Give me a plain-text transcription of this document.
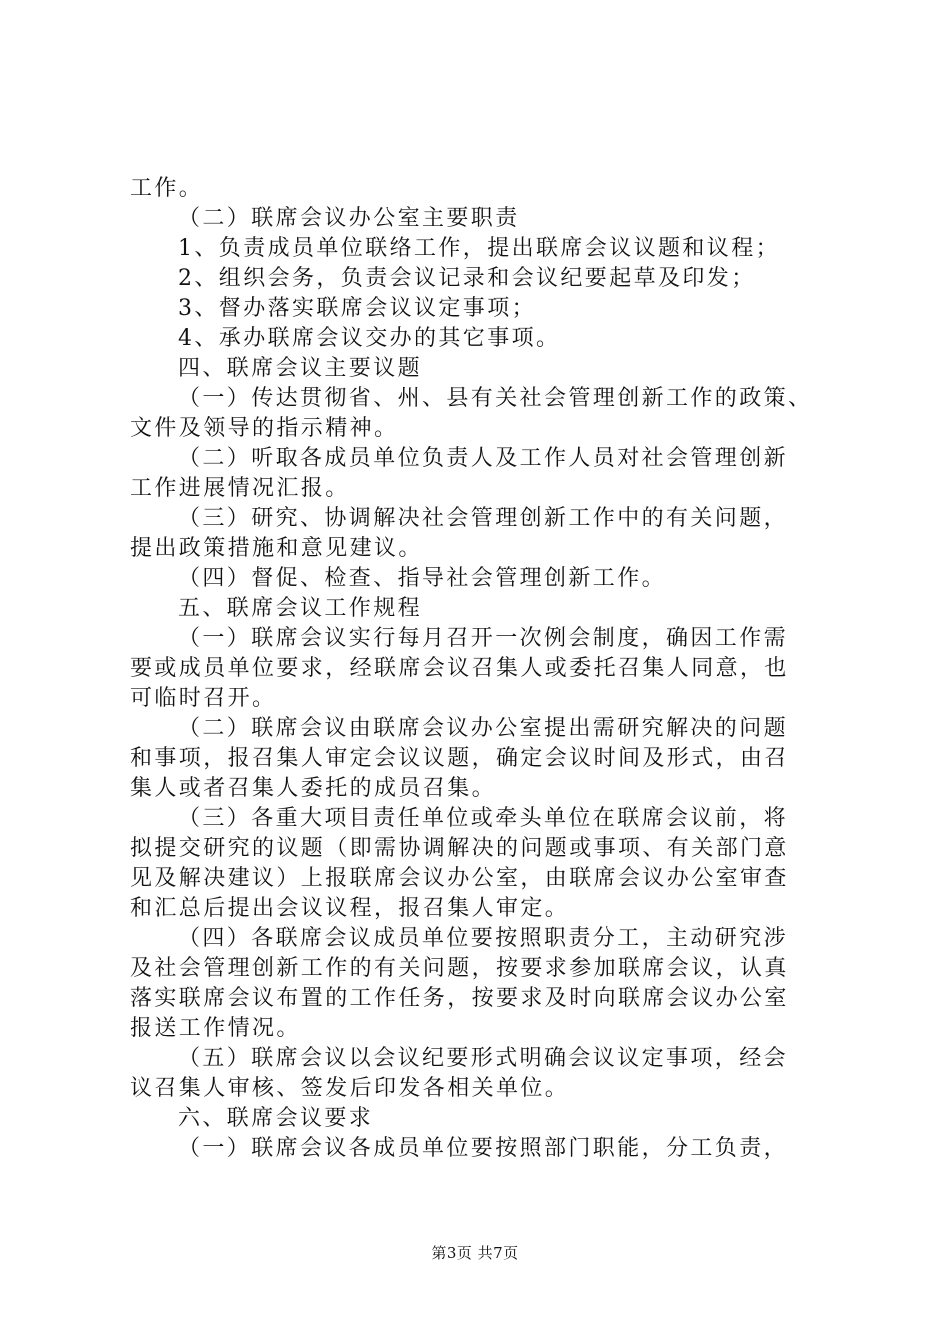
工作。
（二）联席会议办公室主要职责
1、负责成员单位联络工作，提出联席会议议题和议程；
2、组织会务，负责会议记录和会议纪要起草及印发；
3、督办落实联席会议议定事项；
4、承办联席会议交办的其它事项。
四、联席会议主要议题
（一）传达贯彻省、州、县有关社会管理创新工作的政策、
文件及领导的指示精神。
（二）听取各成员单位负责人及工作人员对社会管理创新
工作进展情况汇报。
（三）研究、协调解决社会管理创新工作中的有关问题，
提出政策措施和意见建议。
（四）督促、检查、指导社会管理创新工作。
五、联席会议工作规程
（一）联席会议实行每月召开一次例会制度，确因工作需
要或成员单位要求，经联席会议召集人或委托召集人同意，也
可临时召开。
（二）联席会议由联席会议办公室提出需研究解决的问题
和事项，报召集人审定会议议题，确定会议时间及形式，由召
集人或者召集人委托的成员召集。
（三）各重大项目责任单位或牵头单位在联席会议前，将
拟提交研究的议题（即需协调解决的问题或事项、有关部门意
见及解决建议）上报联席会议办公室，由联席会议办公室审查
和汇总后提出会议议程，报召集人审定。
（四）各联席会议成员单位要按照职责分工，主动研究涉
及社会管理创新工作的有关问题，按要求参加联席会议，认真
落实联席会议布置的工作任务，按要求及时向联席会议办公室
报送工作情况。
（五）联席会议以会议纪要形式明确会议议定事项，经会
议召集人审核、签发后印发各相关单位。
六、联席会议要求
（一）联席会议各成员单位要按照部门职能，分工负责，
第3页 共7页
